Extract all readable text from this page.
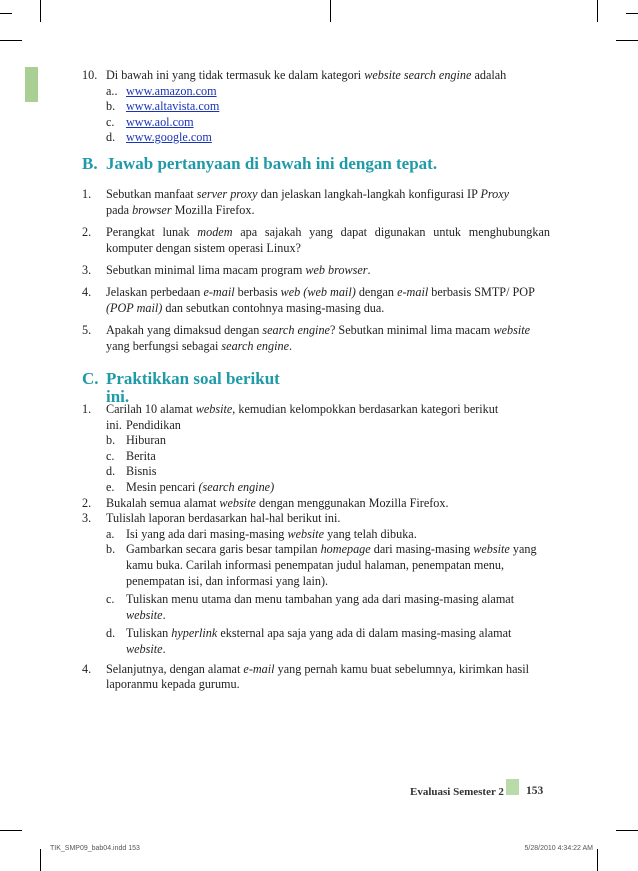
10. Di bawah ini yang tidak termasuk ke dalam kategori website search engine adalah
a.. www.amazon.com
b. www.altavista.com
c. www.aol.com
d. www.google.com
B. Jawab pertanyaan di bawah ini dengan tepat.
1. Sebutkan manfaat server proxy dan jelaskan langkah-langkah konfigurasi IP Proxy
pada browser Mozilla Firefox.
2. Perangkat lunak modem apa sajakah yang dapat digunakan untuk menghubungkan komputer dengan sistem operasi Linux?
3. Sebutkan minimal lima macam program web browser.
4. Jelaskan perbedaan e-mail berbasis web (web mail) dengan e-mail berbasis SMTP/ POP (POP mail) dan sebutkan contohnya masing-masing dua.
5. Apakah yang dimaksud dengan search engine? Sebutkan minimal lima macam website yang berfungsi sebagai search engine.
C. Praktikkan soal berikut
ini.
1. Carilah 10 alamat website, kemudian kelompokkan berdasarkan kategori berikut
ini. Pendidikan
b. Hiburan
c. Berita
d. Bisnis
e. Mesin pencari (search engine)
2. Bukalah semua alamat website dengan menggunakan Mozilla Firefox.
3. Tulislah laporan berdasarkan hal-hal berikut ini.
a. Isi yang ada dari masing-masing website yang telah dibuka.
b. Gambarkan secara garis besar tampilan homepage dari masing-masing website yang kamu buka. Carilah informasi penempatan judul halaman, penempatan menu, penempatan isi, dan informasi yang lain).
c. Tuliskan menu utama dan menu tambahan yang ada dari masing-masing alamat website.
d. Tuliskan hyperlink eksternal apa saja yang ada di dalam masing-masing alamat website.
4. Selanjutnya, dengan alamat e-mail yang pernah kamu buat sebelumnya, kirimkan hasil laporanmu kepada gurumu.
Evaluasi Semester 2 153
TIK_SMP09_bab04.indd 153	5/28/2010 4:34:22 AM
